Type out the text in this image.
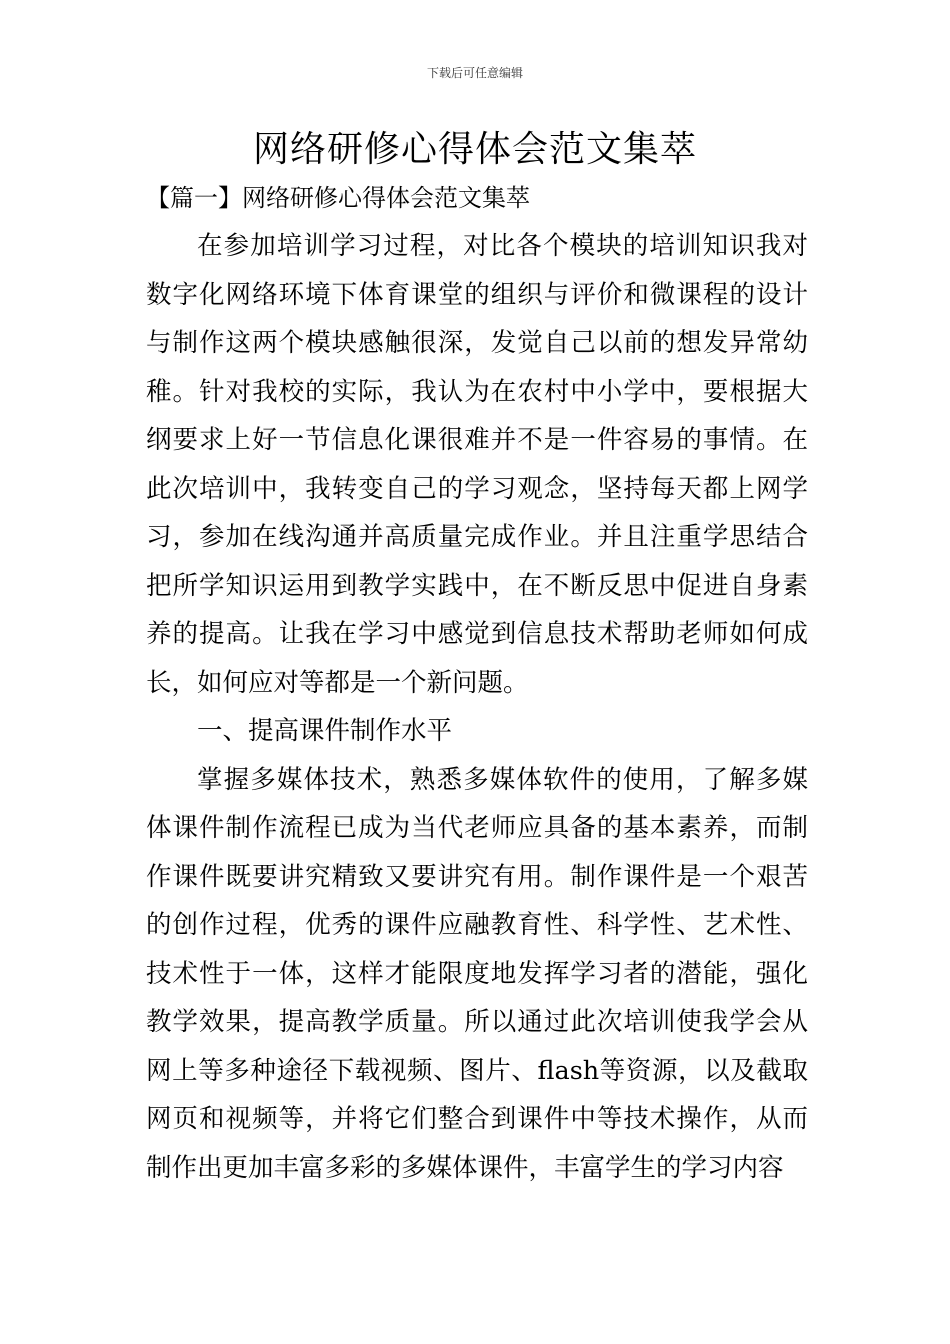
下载后可任意编辑
网络研修心得体会范文集萃
【篇一】网络研修心得体会范文集萃

在参加培训学习过程，对比各个模块的培训知识我对数字化网络环境下体育课堂的组织与评价和微课程的设计与制作这两个模块感触很深，发觉自己以前的想发异常幼稚。针对我校的实际，我认为在农村中小学中，要根据大纲要求上好一节信息化课很难并不是一件容易的事情。在此次培训中，我转变自己的学习观念，坚持每天都上网学习，参加在线沟通并高质量完成作业。并且注重学思结合把所学知识运用到教学实践中，在不断反思中促进自身素养的提高。让我在学习中感觉到信息技术帮助老师如何成长，如何应对等都是一个新问题。

一、提高课件制作水平

掌握多媒体技术，熟悉多媒体软件的使用，了解多媒体课件制作流程已成为当代老师应具备的基本素养，而制作课件既要讲究精致又要讲究有用。制作课件是一个艰苦的创作过程，优秀的课件应融教育性、科学性、艺术性、技术性于一体，这样才能限度地发挥学习者的潜能，强化教学效果，提高教学质量。所以通过此次培训使我学会从网上等多种途径下载视频、图片、flash等资源，以及截取网页和视频等，并将它们整合到课件中等技术操作，从而制作出更加丰富多彩的多媒体课件，丰富学生的学习内容
